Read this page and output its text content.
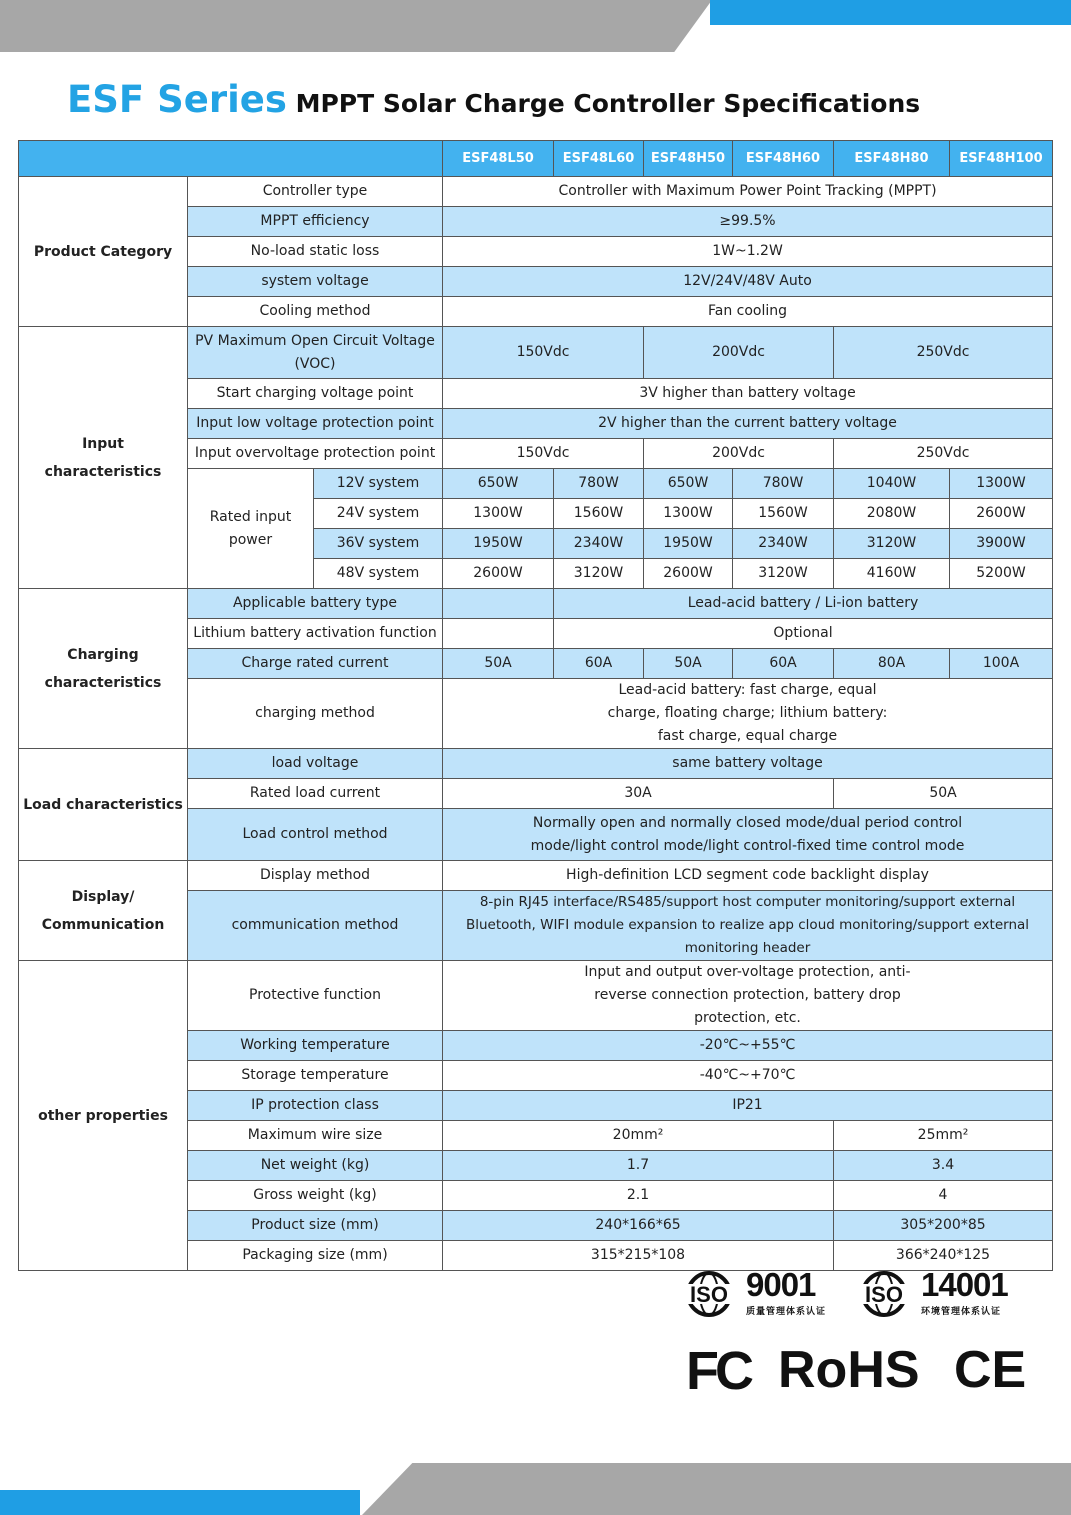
ESF Series MPPT Solar Charge Controller Specifications
			ESF48L50	ESF48L60	ESF48H50	ESF48H60	ESF48H80	ESF48H100
Product Category	Controller type		Controller with Maximum Power Point Tracking (MPPT)					
	MPPT efficiency		≥99.5%					
	No-load static loss		1W~1.2W					
	system voltage		12V/24V/48V Auto					
	Cooling method		Fan cooling					
Input characteristics	PV Maximum Open Circuit Voltage (VOC)		150Vdc		200Vdc		250Vdc	
	Start charging voltage point		3V higher than battery voltage					
	Input low voltage protection point		2V higher than the current battery voltage					
	Input overvoltage protection point		150Vdc		200Vdc		250Vdc	
	Rated input power	12V system	650W	780W	650W	780W	1040W	1300W
		24V system	1300W	1560W	1300W	1560W	2080W	2600W
		36V system	1950W	2340W	1950W	2340W	3120W	3900W
		48V system	2600W	3120W	2600W	3120W	4160W	5200W
Charging characteristics	Applicable battery type			Lead-acid battery / Li-ion battery				
	Lithium battery activation function			Optional				
	Charge rated current		50A	60A	50A	60A	80A	100A
	charging method		Lead-acid battery: fast charge, equal charge, floating charge; lithium battery: fast charge, equal charge					
Load characteristics	load voltage		same battery voltage					
	Rated load current		30A				50A	
	Load control method		Normally open and normally closed mode/dual period control mode/light control mode/light control-fixed time control mode					
Display/ Communication	Display method		High-definition LCD segment code backlight display					
	communication method		8-pin RJ45 interface/RS485/support host computer monitoring/support external Bluetooth, WIFI module expansion to realize app cloud monitoring/support external monitoring header					
other properties	Protective function		Input and output over-voltage protection, anti-reverse connection protection, battery drop protection, etc.					
	Working temperature		-20℃~+55℃					
	Storage temperature		-40℃~+70℃					
	IP protection class		IP21					
	Maximum wire size		20mm²				25mm²	
	Net weight (kg)		1.7				3.4	
	Gross weight (kg)		2.1				4	
	Product size (mm)		240*166*65				305*200*85	
	Packaging size (mm)		315*215*108				366*240*125	
ISO 9001
质量管理体系认证
ISO 14001
环境管理体系认证
FC RoHS CE
